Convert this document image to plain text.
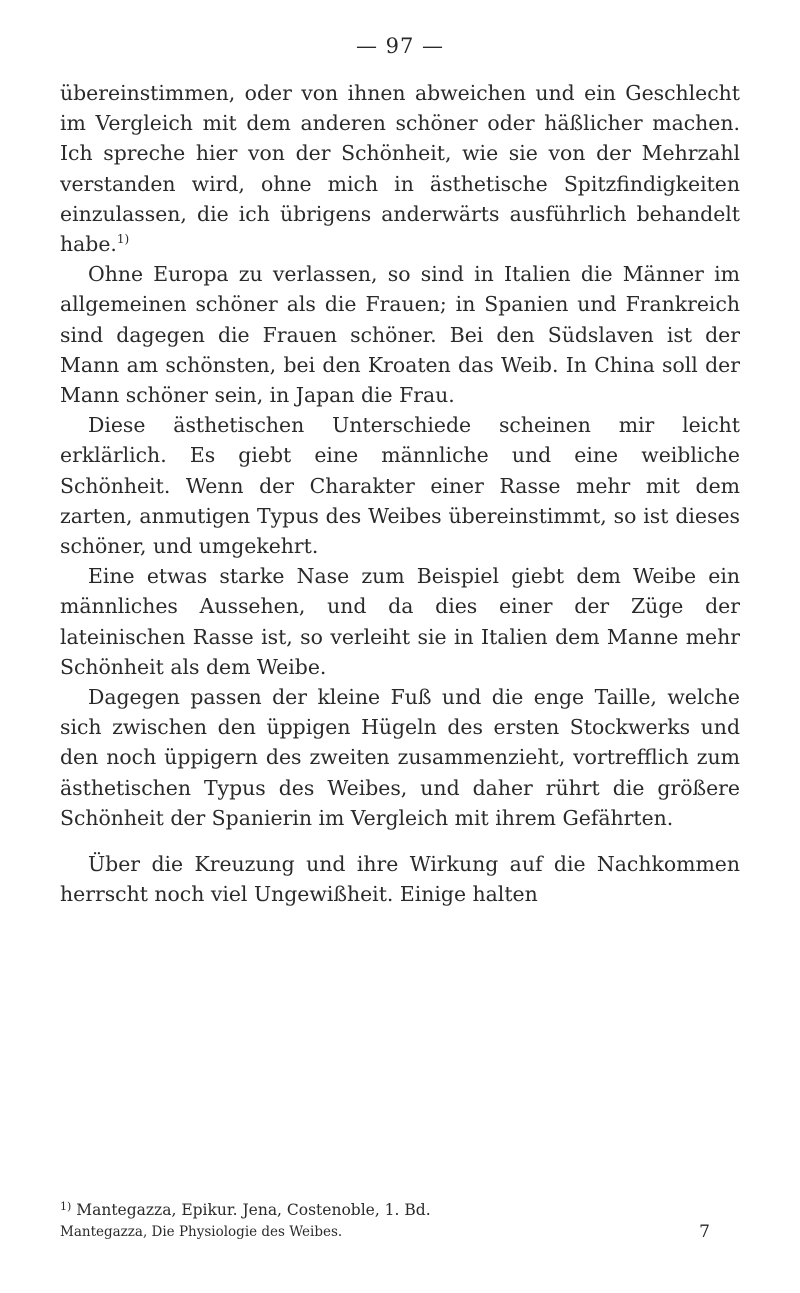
— 97 —

übereinstimmen, oder von ihnen abweichen und ein Geschlecht im Vergleich mit dem anderen schöner oder häßlicher machen. Ich spreche hier von der Schönheit, wie sie von der Mehrzahl verstanden wird, ohne mich in ästhetische Spitzfindigkeiten einzulassen, die ich übrigens anderwärts ausführlich behandelt habe.$^{1)}$

Ohne Europa zu verlassen, so sind in Italien die Männer im allgemeinen schöner als die Frauen; in Spanien und Frankreich sind dagegen die Frauen schöner. Bei den Südslaven ist der Mann am schönsten, bei den Kroaten das Weib. In China soll der Mann schöner sein, in Japan die Frau.

Diese ästhetischen Unterschiede scheinen mir leicht erklärlich. Es giebt eine männliche und eine weibliche Schönheit. Wenn der Charakter einer Rasse mehr mit dem zarten, anmutigen Typus des Weibes übereinstimmt, so ist dieses schöner, und umgekehrt.

Eine etwas starke Nase zum Beispiel giebt dem Weibe ein männliches Aussehen, und da dies einer der Züge der lateinischen Rasse ist, so verleiht sie in Italien dem Manne mehr Schönheit als dem Weibe.

Dagegen passen der kleine Fuß und die enge Taille, welche sich zwischen den üppigen Hügeln des ersten Stockwerks und den noch üppigern des zweiten zusammenzieht, vortrefflich zum ästhetischen Typus des Weibes, und daher rührt die größere Schönheit der Spanierin im Vergleich mit ihrem Gefährten.

Über die Kreuzung und ihre Wirkung auf die Nachkommen herrscht noch viel Ungewißheit. Einige halten

$^{1)}$ Mantegazza, Epikur. Jena, Costenoble, 1. Bd.
Mantegazza, Die Physiologie des Weibes.	7
